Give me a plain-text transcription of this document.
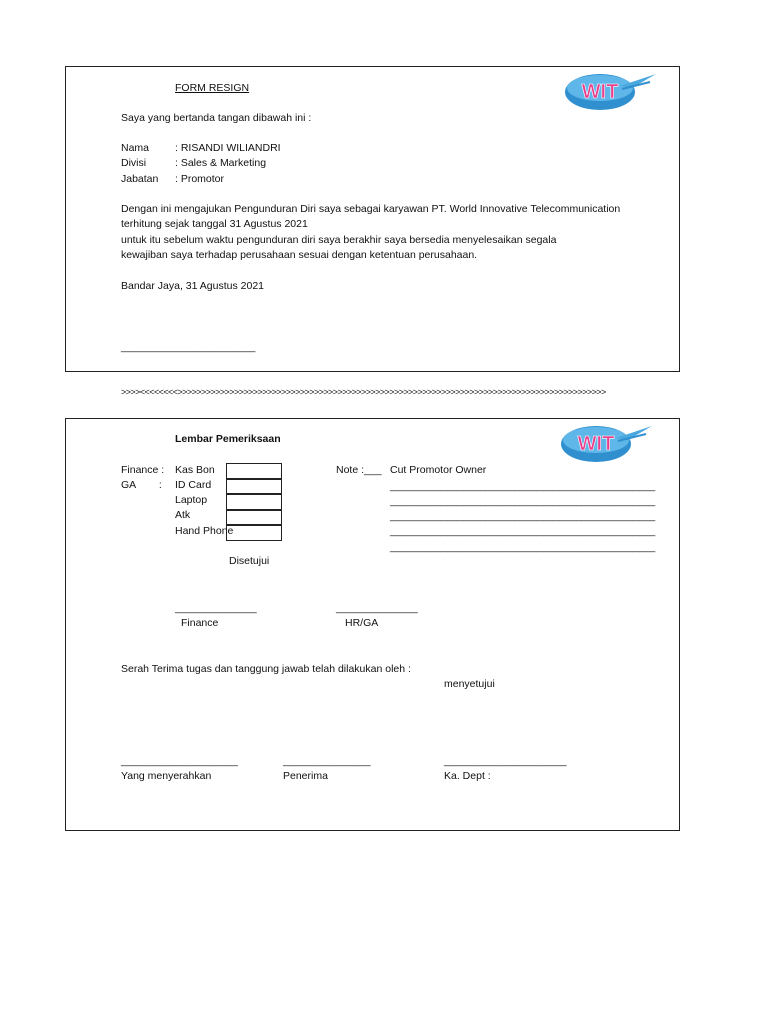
WIT
FORM RESIGN
Saya yang bertanda tangan dibawah ini :
Nama : RISANDI WILIANDRI
Divisi	: Sales & Marketing
Jabatan : Promotor
Dengan ini mengajukan Pengunduran Diri saya sebagai karyawan PT. World Innovative Telecommunication
terhitung sejak tanggal 31 Agustus 2021
untuk itu sebelum waktu pengunduran diri saya berakhir saya bersedia menyelesaikan segala
kewajiban saya terhadap perusahaan sesuai dengan ketentuan perusahaan.
Bandar Jaya, 31 Agustus 2021
_______________________
>>>><<<<<<<<>>>>>>>>>>>>>>>>>>>>>>>>>>>>>>>>>>>>>>>>>>>>>>>>>>>>>>>>>>>>>>>>>>>>>>>>>>>>>>>>>>>>>>>>>>>
WIT
Lembar Pemeriksaan
Finance :
GA        :
Kas Bon
ID Card
Laptop
Atk
Hand Phone
Note :___ Cut Promotor Owner
_______________________________________________
_______________________________________________
_______________________________________________
_______________________________________________
_______________________________________________
Disetujui
______________
Finance
______________
HR/GA
Serah Terima tugas dan tanggung jawab telah dilakukan oleh :
menyetujui
____________________
Yang menyerahkan
_______________
Penerima
_____________________
Ka. Dept :
